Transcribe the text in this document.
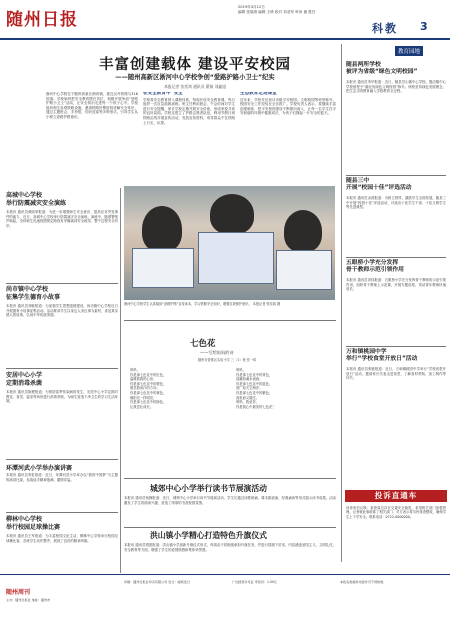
随州日报
2019年3月12日
编辑 张瑞涛 编辑 王珍 校对 刘亚军 审读 谢 胜任
科教 3
教育园地
丰富创建载体 建设平安校园
——随州高新区淅河中心学校争创“爱路护路小卫士”纪实
本报记者 张奕鸿 通讯员 翟娟 刘鑫旭
淅河中心学校位于随州高新区淅河镇，靠近汉丹铁路与316国道。学校始终把安全教育摆在首位，积极开展争创“爱路护路小卫士”活动，让安全知识走进每一个孩子心中。学校组织师生参观铁路设施，邀请铁路民警进校讲解安全常识，通过主题班会、手抄报、知识竞赛等多种形式，引导学生从小树立爱路护路意识。
在安全教育中“安全”
学校将安全教育纳入课程体系，每周开设安全教育课，每月组织一次应急疏散演练。班主任利用晨会、午会时间对学生进行安全提醒，家长学校定期开展安全讲座，形成家校共育的良好局面。学校还建立了护路志愿者队伍，利用节假日到铁路沿线开展宣传活动，发放宣传资料，劝导群众不在铁路上行走、玩耍。
生态教育走进课堂
近年来，学校先后获评市级平安校园、文明校园等荣誉称号。校园安全工作经验在全区推广。学校负责人表示，将继续丰富创建载体，把平安校园建设不断推向深入，让每一名学生在平安和谐的环境中健康成长，为孩子们撑起一片安全的蓝天。
淅河中心学校学生认真阅读“爱路护路”宣传读本，学习铁路安全知识，增强自我保护意识。 本报记者 张奕鸿 摄
高城中心学校
举行防震减灾安全演练
本报讯 通讯员黄昭荣报道：为进一步增强师生安全意识，提高应对突发事件的能力，近日，高城中心学校举行防震减灾安全演练。演练中，随着警报声响起，全体师生迅速按照预定路线有序撤离到安全地带，整个过程安全有序。
尚市镇中心学校
征集学生德育小故事
本报讯 通讯员刘敏报道：为加强学生思想道德建设，尚市镇中心学校近日开展德育小故事征集活动。活动要求学生以身边人身边事为素材，讲述真实感人的故事，弘扬中华传统美德。
安居中心小学
定期消毒杀菌
本报讯 通讯员陈俊报道：为预防春季传染病的发生，安居中心小学定期对教室、食堂、寝室等场所进行消毒杀菌，为师生营造干净卫生的学习生活环境。
环潭河武小学举办演讲赛
本报讯 通讯员李虹报道：近日，环潭河武小学举办以“我的中国梦”为主题的演讲比赛，参赛选手精神饱满，激情洋溢。
柳林中心学校
举行校园足球操比赛
本报讯 通讯员王军报道：为丰富校园文化生活，柳林中心学校举行校园足球操比赛，各班学生动作整齐，展现了良好的精神风貌。
七色花
——写给妈妈的诗
随州市曾都区实验小学 三（1）班 张一鸣
妈妈，
你是那七色花中的红色，
温暖着我的心房；
你是那七色花中的橙色，
照亮我前行的方向；
你是那七色花中的黄色，
像阳光一样明亮；
你是那七色花中的绿色，
让我茁壮成长。
妈妈，
你是那七色花中的青色，
清澈如溪水流淌；
你是那七色花中的蓝色，
宽广如天空海洋；
你是那七色花中的紫色，
高贵而又端庄。
妈妈，我爱你，
你是我心中最美的七色花！
城郊中心小学举行读书节展演活动
本报讯 通讯员杨静报道：近日，城郊中心小学举行读书节展演活动，学生们通过诗歌朗诵、课本剧表演、经典诵读等形式展示读书成果。活动激发了学生的阅读兴趣，营造了浓厚的书香校园氛围。
洪山镇小学精心打造特色升旗仪式
本报讯 通讯员胡波报道：洪山镇小学创新升旗仪式形式，每周由不同班级承担升旗任务，并进行国旗下讲话，内容涵盖爱国主义、文明礼仪、安全教育等方面，增强了学生的爱国情感和集体荣誉感。
随县两所学校
被评为省级“绿色文明校园”
本报讯 通讯员李华报道：近日，随县厉山镇中心学校、殷店镇中心学校被授予“湖北省绿色文明校园”称号。两校坚持绿色发展理念，把生态文明教育融入学校教育全过程。
随县三中
开展“校园十佳”评选活动
本报讯 通讯员余波报道：为树立榜样，激励学生全面发展，随县三中开展“校园十佳”评选活动，评选出十佳学生干部、十佳文明学生等先进典型。
五眼桥小学充分发挥
骨干教师示范引领作用
本报讯 通讯员刘伟报道：五眼桥小学充分发挥骨干教师的示范引领作用，组织骨干教师上示范课、开展专题讲座，带动青年教师快速成长。
万和镇桃园中学
举行“学校食堂开放日”活动
本报讯 通讯员张敏报道：近日，万和镇桃园中学举行“学校食堂开放日”活动，邀请家长代表走进食堂，了解食材采购、加工制作等环节。
投诉直通车
读者来信反映：某校周边存在交通安全隐患，希望相关部门加强管理。记者就此事联系了相关部门，对方表示将尽快排查整改，确保学生上下学安全。联系电话：0722-0000000。
随州周刊
主办：随州日报社 地址：随州市
印刷：随州日报社印务有限公司 发行：邮局发行	广告经营许可证 零售价：1.00元	本报各类稿件未经许可不得转载
